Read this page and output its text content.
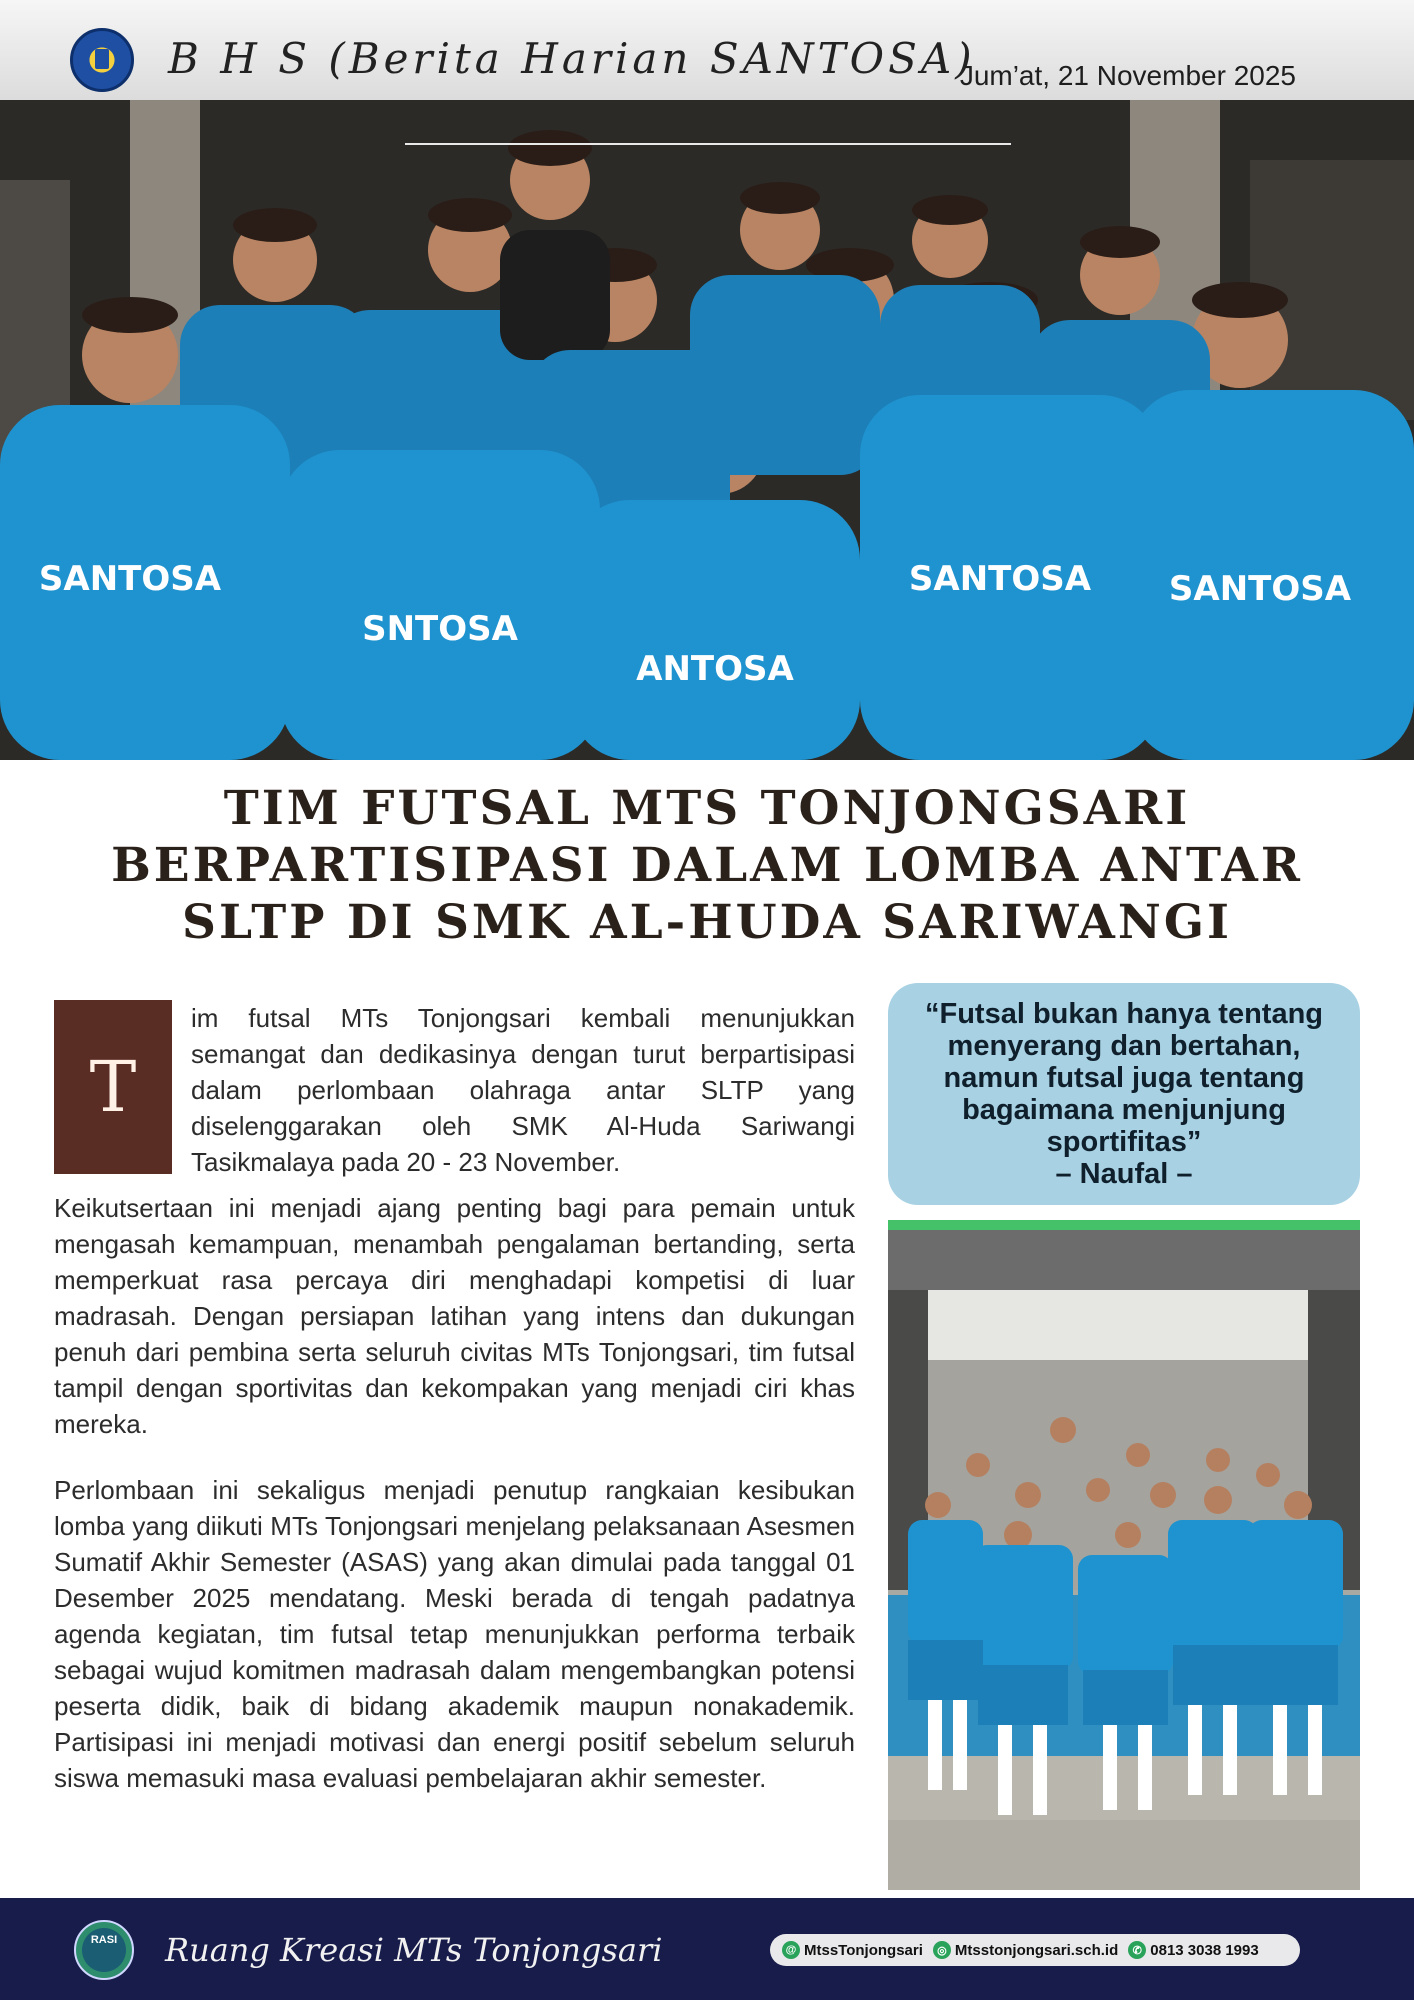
B H S (Berita Harian SANTOSA)
Jum’at, 21 November 2025
SANTOSA
SNTOSA
ANTOSA
SANTOSA SANTOSA
TIM FUTSAL MTS TONJONGSARI BERPARTISIPASI DALAM LOMBA ANTAR SLTP DI SMK AL-HUDA SARIWANGI
T

im futsal MTs Tonjongsari kembali menunjukkan semangat dan dedikasinya dengan turut berpartisipasi dalam perlombaan olahraga antar SLTP yang diselenggarakan oleh SMK Al-Huda Sariwangi Tasikmalaya pada 20 - 23 November.

Keikutsertaan ini menjadi ajang penting bagi para pemain untuk mengasah kemampuan, menambah pengalaman bertanding, serta memperkuat rasa percaya diri menghadapi kompetisi di luar madrasah. Dengan persiapan latihan yang intens dan dukungan penuh dari pembina serta seluruh civitas MTs Tonjongsari, tim futsal tampil dengan sportivitas dan kekompakan yang menjadi ciri khas mereka.

Perlombaan ini sekaligus menjadi penutup rangkaian kesibukan lomba yang diikuti MTs Tonjongsari menjelang pelaksanaan Asesmen Sumatif Akhir Semester (ASAS) yang akan dimulai pada tanggal 01 Desember 2025 mendatang. Meski berada di tengah padatnya agenda kegiatan, tim futsal tetap menunjukkan performa terbaik sebagai wujud komitmen madrasah dalam mengembangkan potensi peserta didik, baik di bidang akademik maupun nonakademik. Partisipasi ini menjadi motivasi dan energi positif sebelum seluruh siswa memasuki masa evaluasi pembelajaran akhir semester.

“Futsal bukan hanya tentang menyerang dan bertahan, namun futsal juga tentang bagaimana menjunjung sportifitas”
– Naufal –
RASI	Ruang Kreasi MTs Tonjongsari	@ MtssTonjongsari	◎ Mtsstonjongsari.sch.id	✆ 0813 3038 1993
